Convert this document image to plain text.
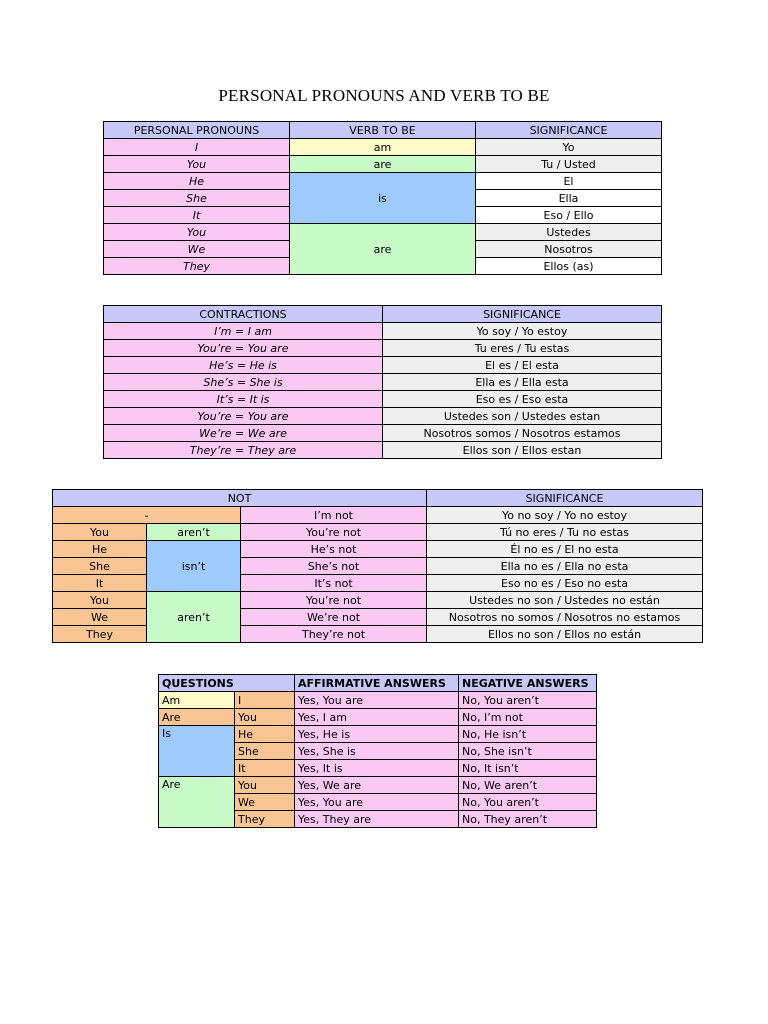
PERSONAL PRONOUNS AND VERB TO BE
PERSONAL PRONOUNS	VERB TO BE	SIGNIFICANCE
I	am	Yo
You	are	Tu / Usted
He	is	El
She		Ella
It		Eso / Ello
You	are	Ustedes
We		Nosotros
They		Ellos (as)
CONTRACTIONS	SIGNIFICANCE
I’m = I am	Yo soy / Yo estoy
You’re = You are	Tu eres / Tu estas
He’s = He is	El es / El esta
She’s = She is	Ella es / Ella esta
It’s = It is	Eso es / Eso esta
You’re = You are	Ustedes son / Ustedes estan
We’re = We are	Nosotros somos / Nosotros estamos
They’re = They are	Ellos son / Ellos estan
NOT			SIGNIFICANCE
-		I’m not	Yo no soy / Yo no estoy
You	aren’t	You’re not	Tú no eres / Tu no estas
He	isn’t	He’s not	Él no es / El no esta
She		She’s not	Ella no es / Ella no esta
It		It’s not	Eso no es / Eso no esta
You	aren’t	You’re not	Ustedes no son / Ustedes no están
We		We’re not	Nosotros no somos / Nosotros no estamos
They		They’re not	Ellos no son / Ellos no están
QUESTIONS		AFFIRMATIVE ANSWERS	NEGATIVE ANSWERS
Am	I	Yes, You are	No, You aren’t
Are	You	Yes, I am	No, I’m not
Is	He	Yes, He is	No, He isn’t
	She	Yes, She is	No, She isn’t
	It	Yes, It is	No, It isn’t
Are	You	Yes, We are	No, We aren’t
	We	Yes, You are	No, You aren’t
	They	Yes, They are	No, They aren’t
